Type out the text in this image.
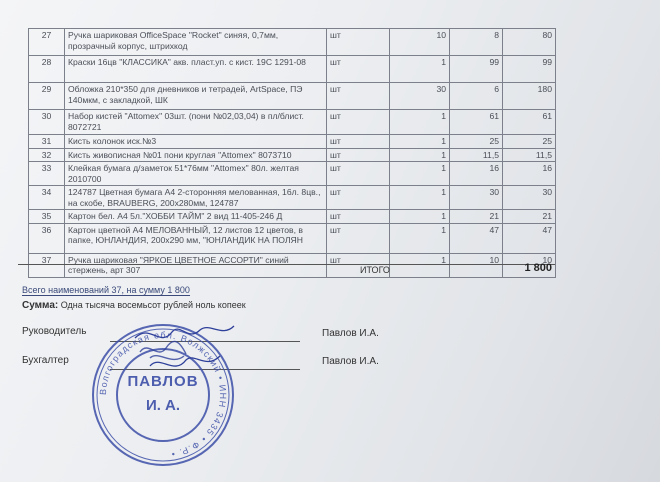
27	Ручка шариковая OfficeSpace "Rocket" синяя, 0,7мм, прозрачный корпус, штрихкод	шт	10	8	80
28	Краски 16цв "КЛАССИКА" акв. пласт.уп. с кист. 19С 1291-08	шт	1	99	99
29	Обложка 210*350 для дневников и тетрадей, ArtSpace, ПЭ 140мкм, с закладкой, ШК	шт	30	6	180
30	Набор кистей "Attomex" 03шт. (пони №02,03,04) в пл/блист. 8072721	шт	1	61	61
31	Кисть колонок иск.№3	шт	1	25	25
32	Кисть живописная №01 пони круглая "Attomex" 8073710	шт	1	11,5	11,5
33	Клейкая бумага д/заметок 51*76мм "Attomex" 80л. желтая 2010700	шт	1	16	16
34	124787 Цветная бумага А4 2-сторонняя мелованная, 16л. 8цв., на скобе, BRAUBERG, 200х280мм, 124787	шт	1	30	30
35	Картон бел. А4 5л."ХОББИ ТАЙМ" 2 вид 11-405-246 Д	шт	1	21	21
36	Картон цветной А4 МЕЛОВАННЫЙ, 12 листов 12 цветов, в папке, ЮНЛАНДИЯ, 200х290 мм, "ЮНЛАНДИК НА ПОЛЯН	шт	1	47	47
37	Ручка шариковая "ЯРКОЕ ЦВЕТНОЕ АССОРТИ" синий стержень, арт 307	шт	1	10	10
ИТОГО	1 800
Всего наименований 37, на сумму 1 800
Сумма: Одна тысяча восемьсот рублей ноль копеек
Руководитель	Павлов И.А.
Бухгалтер	Павлов И.А.
Волгоградская обл. Волжский • ИНН 3435 • Ф.Р. •
ПАВЛОВ
И. А.
